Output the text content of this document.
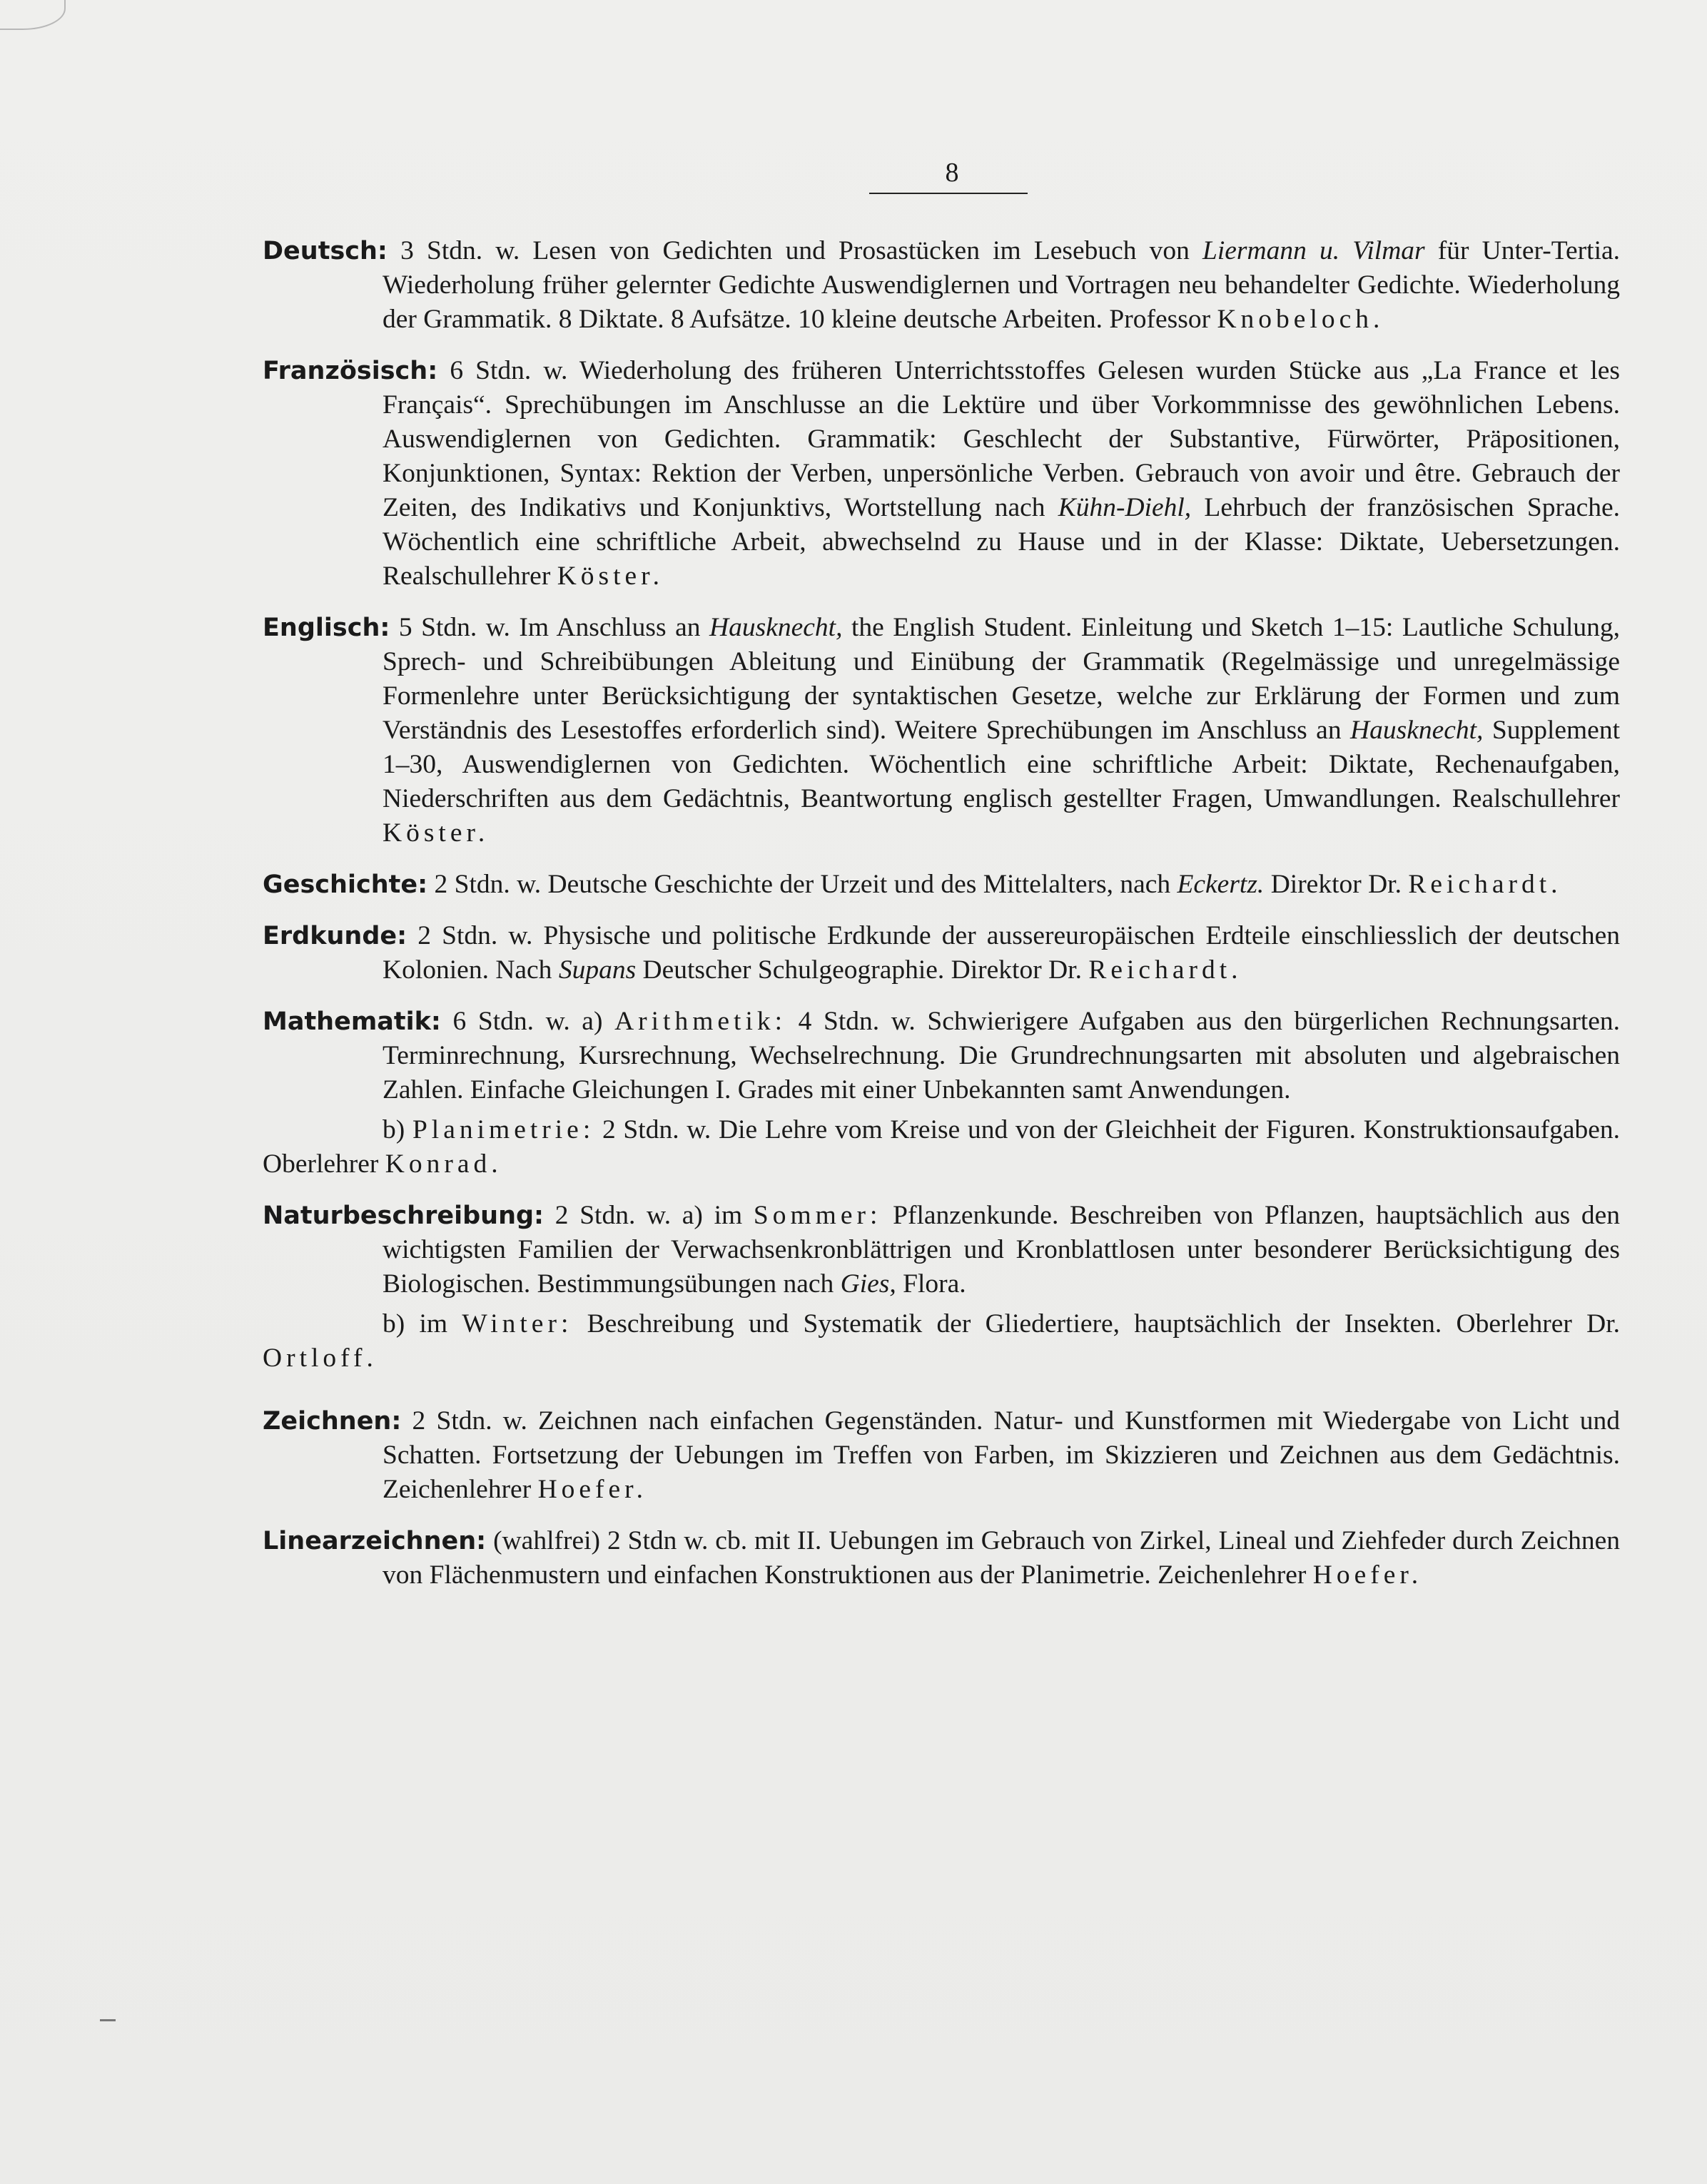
8

Deutsch: 3 Stdn. w. Lesen von Gedichten und Prosastücken im Lesebuch von Liermann u. Vilmar für Unter-Tertia. Wiederholung früher gelernter Gedichte Auswendiglernen und Vortragen neu behandelter Gedichte. Wiederholung der Grammatik. 8 Diktate. 8 Aufsätze. 10 kleine deutsche Arbeiten. Professor Knobeloch.

Französisch: 6 Stdn. w. Wiederholung des früheren Unterrichtsstoffes Gelesen wurden Stücke aus „La France et les Français“. Sprechübungen im Anschlusse an die Lektüre und über Vorkommnisse des gewöhnlichen Lebens. Auswendiglernen von Gedichten. Grammatik: Geschlecht der Substantive, Fürwörter, Präpositionen, Konjunktionen, Syntax: Rektion der Verben, unpersönliche Verben. Gebrauch von avoir und être. Gebrauch der Zeiten, des Indikativs und Konjunktivs, Wortstellung nach Kühn-Diehl, Lehrbuch der französischen Sprache. Wöchentlich eine schriftliche Arbeit, abwechselnd zu Hause und in der Klasse: Diktate, Uebersetzungen. Realschullehrer Köster.

Englisch: 5 Stdn. w. Im Anschluss an Hausknecht, the English Student. Einleitung und Sketch 1–15: Lautliche Schulung, Sprech- und Schreibübungen Ableitung und Einübung der Grammatik (Regelmässige und unregelmässige Formenlehre unter Berücksichtigung der syntaktischen Gesetze, welche zur Erklärung der Formen und zum Verständnis des Lesestoffes erforderlich sind). Weitere Sprechübungen im Anschluss an Hausknecht, Supplement 1–30, Auswendiglernen von Gedichten. Wöchentlich eine schriftliche Arbeit: Diktate, Rechenaufgaben, Niederschriften aus dem Gedächtnis, Beantwortung englisch gestellter Fragen, Umwandlungen. Realschullehrer Köster.

Geschichte: 2 Stdn. w. Deutsche Geschichte der Urzeit und des Mittelalters, nach Eckertz. Direktor Dr. Reichardt.

Erdkunde: 2 Stdn. w. Physische und politische Erdkunde der aussereuropäischen Erdteile einschliesslich der deutschen Kolonien. Nach Supans Deutscher Schulgeographie. Direktor Dr. Reichardt.

Mathematik: 6 Stdn. w. a) Arithmetik: 4 Stdn. w. Schwierigere Aufgaben aus den bürgerlichen Rechnungsarten. Terminrechnung, Kursrechnung, Wechselrechnung. Die Grundrechnungsarten mit absoluten und algebraischen Zahlen. Einfache Gleichungen I. Grades mit einer Unbekannten samt Anwendungen.

b) Planimetrie: 2 Stdn. w. Die Lehre vom Kreise und von der Gleichheit der Figuren. Konstruktionsaufgaben. Oberlehrer Konrad.

Naturbeschreibung: 2 Stdn. w. a) im Sommer: Pflanzenkunde. Beschreiben von Pflanzen, hauptsächlich aus den wichtigsten Familien der Verwachsenkronblättrigen und Kronblattlosen unter besonderer Berücksichtigung des Biologischen. Bestimmungsübungen nach Gies, Flora.

b) im Winter: Beschreibung und Systematik der Gliedertiere, hauptsächlich der Insekten. Oberlehrer Dr. Ortloff.

Zeichnen: 2 Stdn. w. Zeichnen nach einfachen Gegenständen. Natur- und Kunstformen mit Wiedergabe von Licht und Schatten. Fortsetzung der Uebungen im Treffen von Farben, im Skizzieren und Zeichnen aus dem Gedächtnis. Zeichenlehrer Hoefer.

Linearzeichnen: (wahlfrei) 2 Stdn w. cb. mit II. Uebungen im Gebrauch von Zirkel, Lineal und Ziehfeder durch Zeichnen von Flächenmustern und einfachen Konstruktionen aus der Planimetrie. Zeichenlehrer Hoefer.
